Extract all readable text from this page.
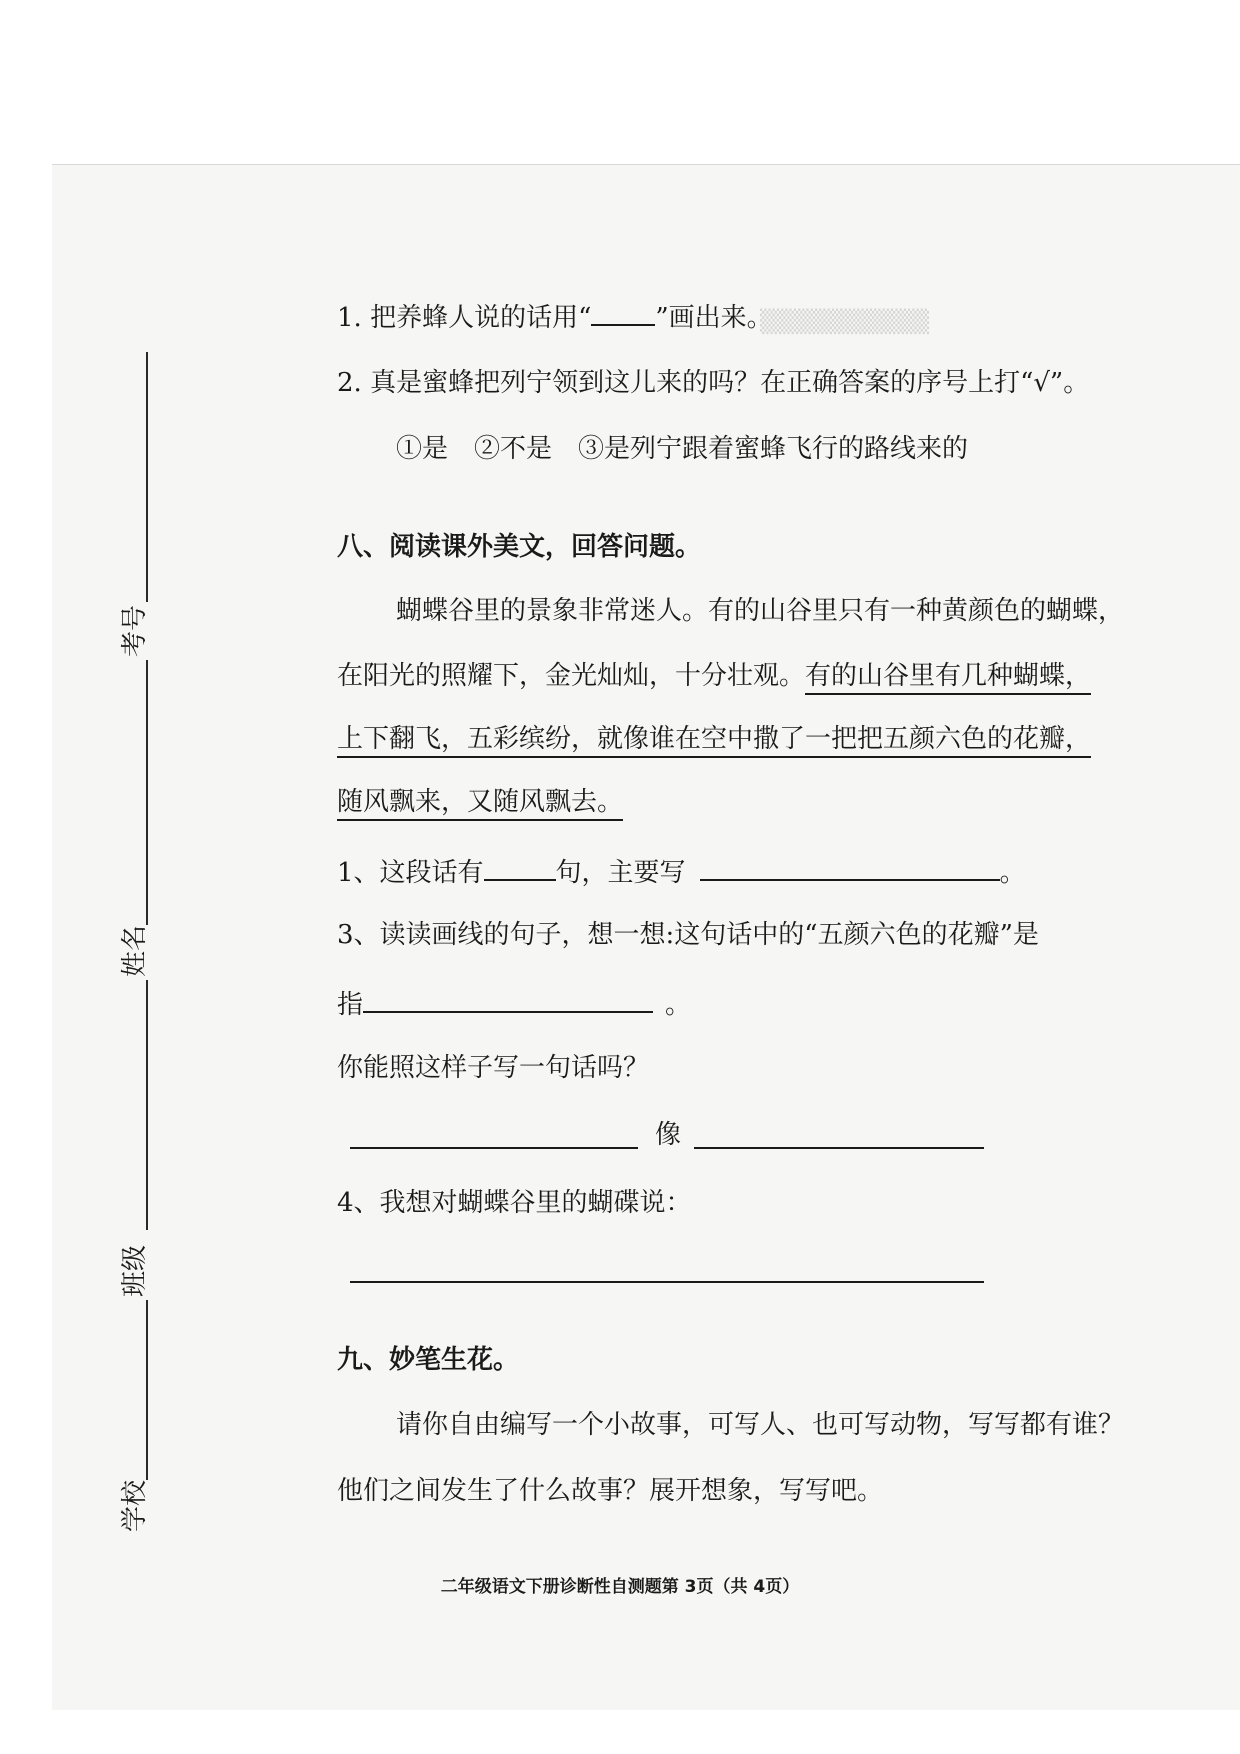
▒▒▒▒▒▒▒▒▒▒
考号
姓名
班级
学校
1. 把养蜂人说的话用“ ”画出来。
2. 真是蜜蜂把列宁领到这儿来的吗？在正确答案的序号上打“√”。
①是　②不是　③是列宁跟着蜜蜂飞行的路线来的
八、阅读课外美文，回答问题。
蝴蝶谷里的景象非常迷人。有的山谷里只有一种黄颜色的蝴蝶，
在阳光的照耀下，金光灿灿，十分壮观。有的山谷里有几种蝴蝶，
上下翻飞，五彩缤纷，就像谁在空中撒了一把把五颜六色的花瓣，
随风飘来，又随风飘去。
1、这段话有	句，主要写	。
3、读读画线的句子，想一想:这句话中的“五颜六色的花瓣”是
指	。
你能照这样子写一句话吗？
像
4、我想对蝴蝶谷里的蝴碟说：
九、妙笔生花。
请你自由编写一个小故事，可写人、也可写动物，写写都有谁？
他们之间发生了什么故事？展开想象，写写吧。
二年级语文下册诊断性自测题第 3页（共 4页）
